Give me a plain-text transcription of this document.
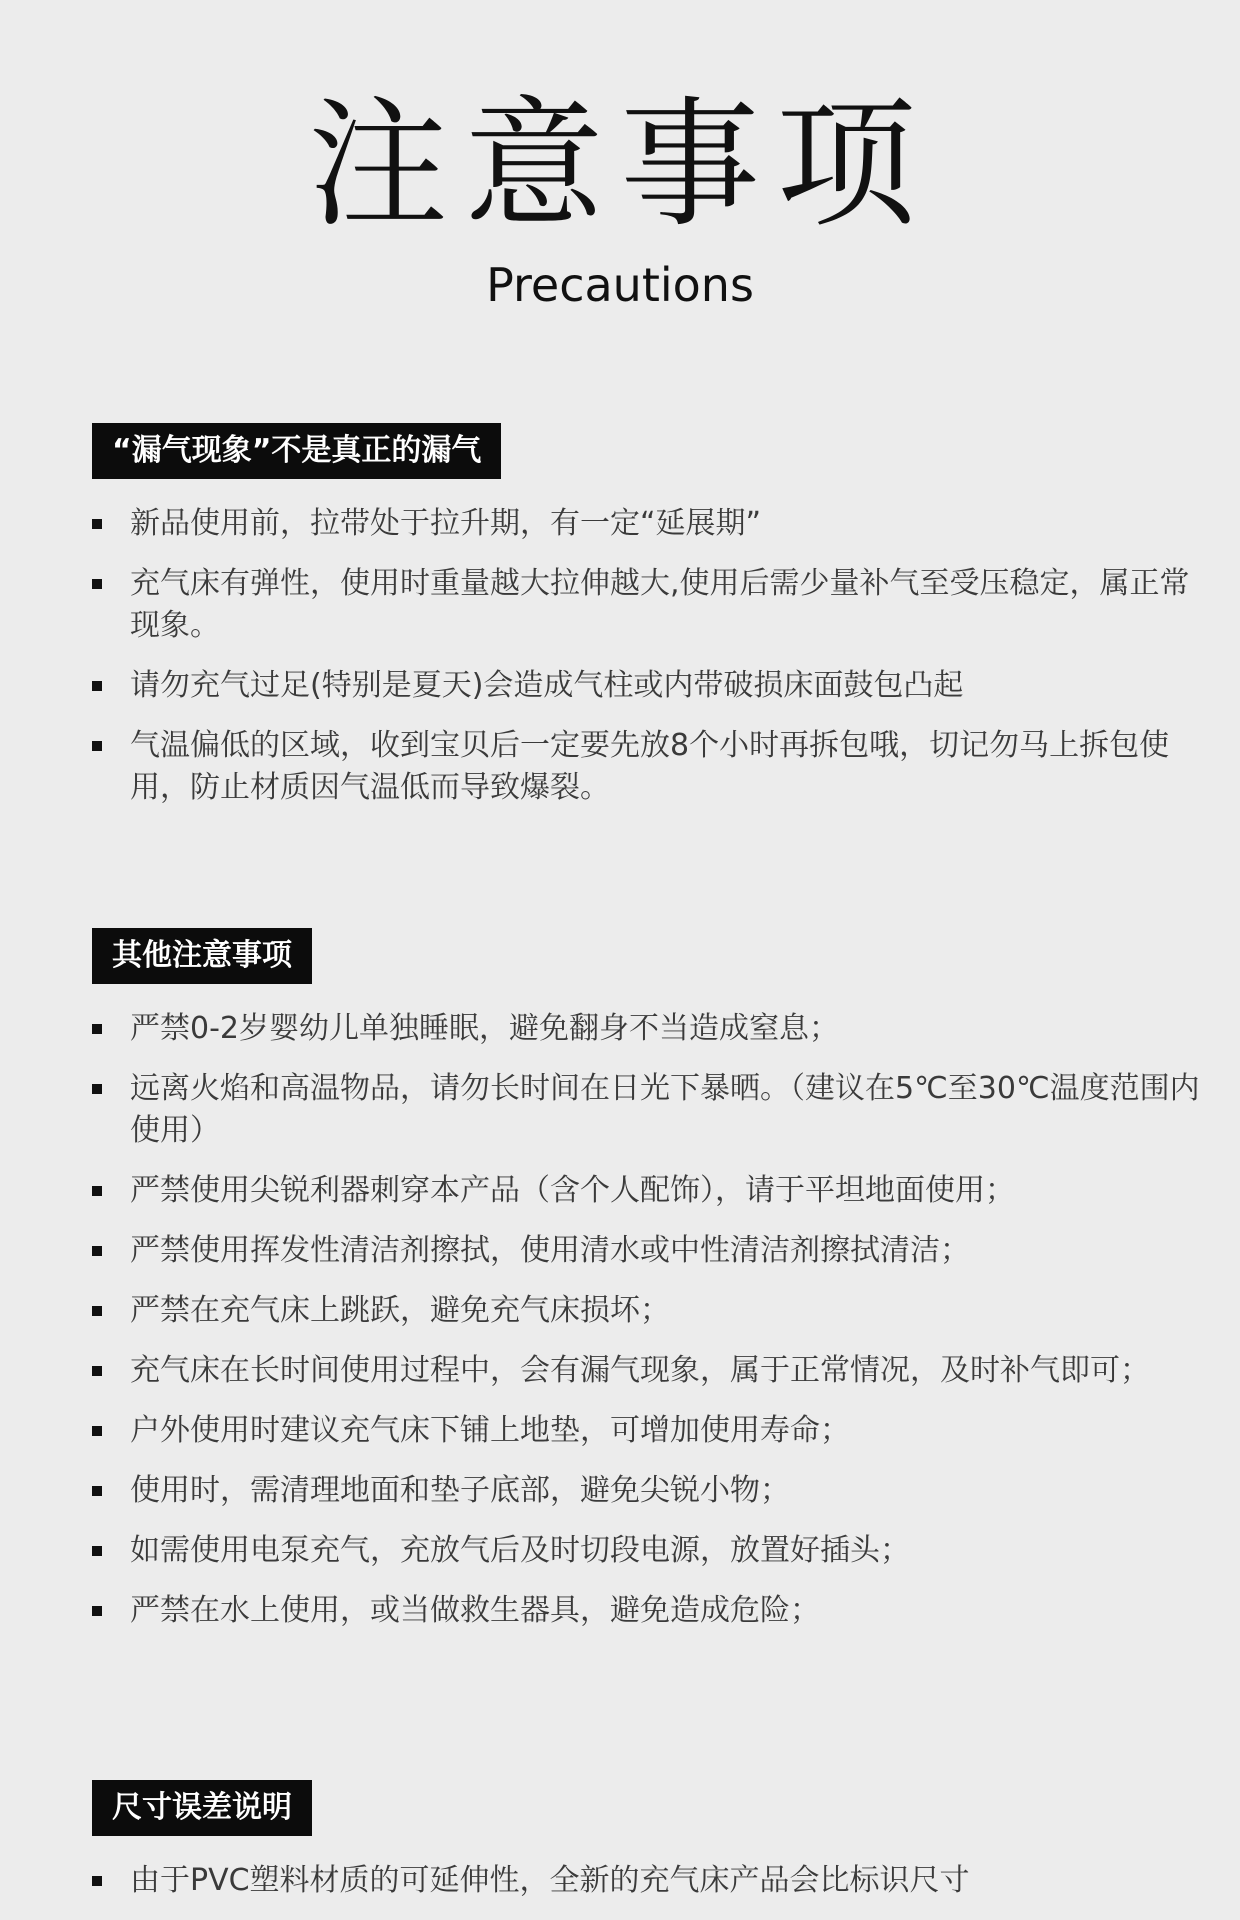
注意事项
Precautions
“漏气现象”不是真正的漏气
新品使用前，拉带处于拉升期，有一定“延展期”
充气床有弹性，使用时重量越大拉伸越大,使用后需少量补气至受压稳定，属正常现象。
请勿充气过足(特别是夏天)会造成气柱或内带破损床面鼓包凸起
气温偏低的区域，收到宝贝后一定要先放8个小时再拆包哦，切记勿马上拆包使用，防止材质因气温低而导致爆裂。
其他注意事项
严禁0-2岁婴幼儿单独睡眠，避免翻身不当造成窒息；
远离火焰和高温物品，请勿长时间在日光下暴晒。（建议在5℃至30℃温度范围内使用）
严禁使用尖锐利器刺穿本产品（含个人配饰），请于平坦地面使用；
严禁使用挥发性清洁剂擦拭，使用清水或中性清洁剂擦拭清洁；
严禁在充气床上跳跃，避免充气床损坏；
充气床在长时间使用过程中，会有漏气现象，属于正常情况，及时补气即可；
户外使用时建议充气床下铺上地垫，可增加使用寿命；
使用时，需清理地面和垫子底部，避免尖锐小物；
如需使用电泵充气，充放气后及时切段电源，放置好插头；
严禁在水上使用，或当做救生器具，避免造成危险；
尺寸误差说明
由于PVC塑料材质的可延伸性，全新的充气床产品会比标识尺寸
